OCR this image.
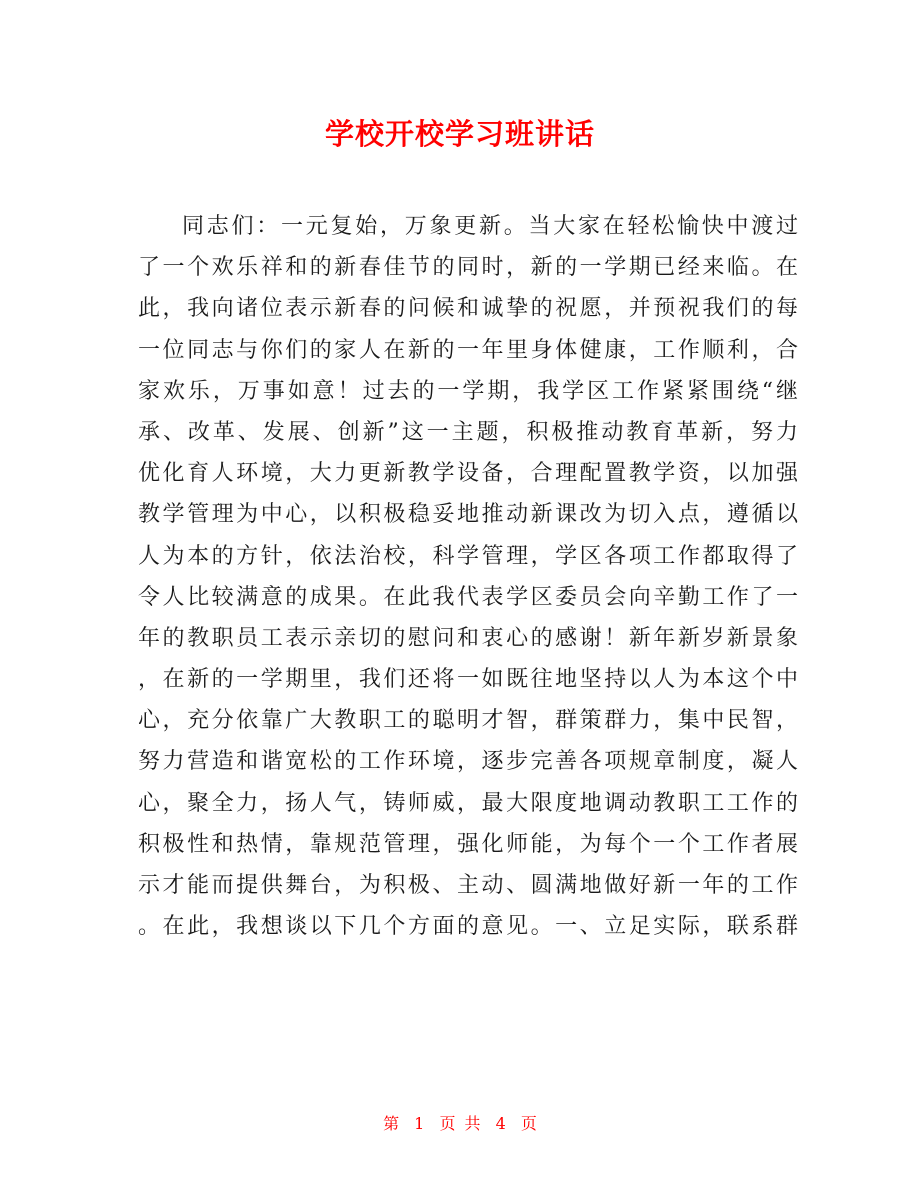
学校开校学习班讲话
同志们：一元复始，万象更新。当大家在轻松愉快中渡过
了一个欢乐祥和的新春佳节的同时，新的一学期已经来临。在
此，我向诸位表示新春的问候和诚挚的祝愿，并预祝我们的每
一位同志与你们的家人在新的一年里身体健康，工作顺利，合
家欢乐，万事如意！过去的一学期，我学区工作紧紧围绕“继
承、改革、发展、创新”这一主题，积极推动教育革新，努力
优化育人环境，大力更新教学设备，合理配置教学资，以加强
教学管理为中心，以积极稳妥地推动新课改为切入点，遵循以
人为本的方针，依法治校，科学管理，学区各项工作都取得了
令人比较满意的成果。在此我代表学区委员会向辛勤工作了一
年的教职员工表示亲切的慰问和衷心的感谢！新年新岁新景象
，在新的一学期里，我们还将一如既往地坚持以人为本这个中
心，充分依靠广大教职工的聪明才智，群策群力，集中民智，
努力营造和谐宽松的工作环境，逐步完善各项规章制度，凝人
心，聚全力，扬人气，铸师威，最大限度地调动教职工工作的
积极性和热情，靠规范管理，强化师能，为每个一个工作者展
示才能而提供舞台，为积极、主动、圆满地做好新一年的工作
。在此，我想谈以下几个方面的意见。一、立足实际，联系群
第 1 页 共 4 页
